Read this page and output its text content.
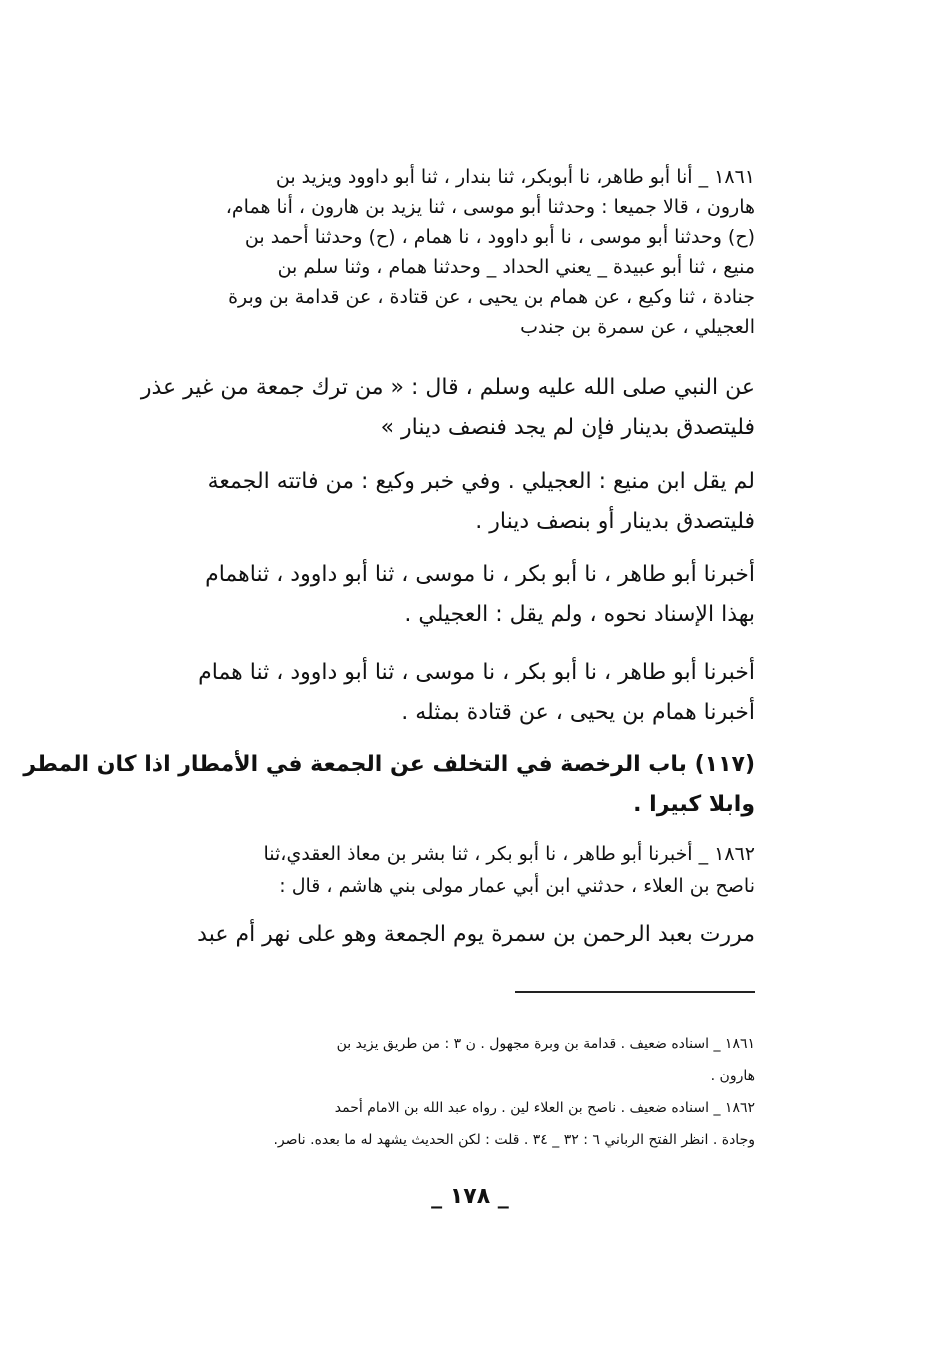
١٨٦١ _ أنا أبو طاهر، نا أبوبكر، ثنا بندار ، ثنا أبو داوود ويزيد بن
هارون ، قالا جميعا : وحدثنا أبو موسى ، ثنا يزيد بن هارون ، أنا همام،
(ح) وحدثنا أبو موسى ، نا أبو داوود ، نا همام ، (ح) وحدثنا أحمد بن
منيع ، ثنا أبو عبيدة _ يعني الحداد _ وحدثنا همام ، وثنا سلم بن
جنادة ، ثنا وكيع ، عن همام بن يحيى ، عن قتادة ، عن قدامة بن وبرة
العجيلي ، عن سمرة بن جندب
عن النبي صلى الله عليه وسلم ، قال : « من ترك جمعة من غير عذر
فليتصدق بدينار فإن لم يجد فنصف دينار »
لم يقل ابن منيع : العجيلي . وفي خبر وكيع : من فاتته الجمعة
فليتصدق بدينار أو بنصف دينار .
أخبرنا أبو طاهر ، نا أبو بكر ، نا موسى ، ثنا أبو داوود ، ثناهمام
بهذا الإسناد نحوه ، ولم يقل : العجيلي .
أخبرنا أبو طاهر ، نا أبو بكر ، نا موسى ، ثنا أبو داوود ، ثنا همام
أخبرنا همام بن يحيى ، عن قتادة بمثله .
(١١٧) باب الرخصة في التخلف عن الجمعة في الأمطار اذا كان المطر
وابلا كبيرا .
١٨٦٢ _ أخبرنا أبو طاهر ، نا أبو بكر ، ثنا بشر بن معاذ العقدي،ثنا
ناصح بن العلاء ، حدثني ابن أبي عمار مولى بني هاشم ، قال :
مررت بعبد الرحمن بن سمرة يوم الجمعة وهو على نهر أم عبد
١٨٦١ _ اسناده ضعيف . قدامة بن وبرة مجهول . ن ٣ : من طريق يزيد بن
هارون .
١٨٦٢ _ اسناده ضعيف . ناصح بن العلاء لين . رواه عبد الله بن الامام أحمد
وجادة . انظر الفتح الرباني ٦ : ٣٢ _ ٣٤ . قلت : لكن الحديث يشهد له ما بعده. ناصر.
_ ١٧٨ _
